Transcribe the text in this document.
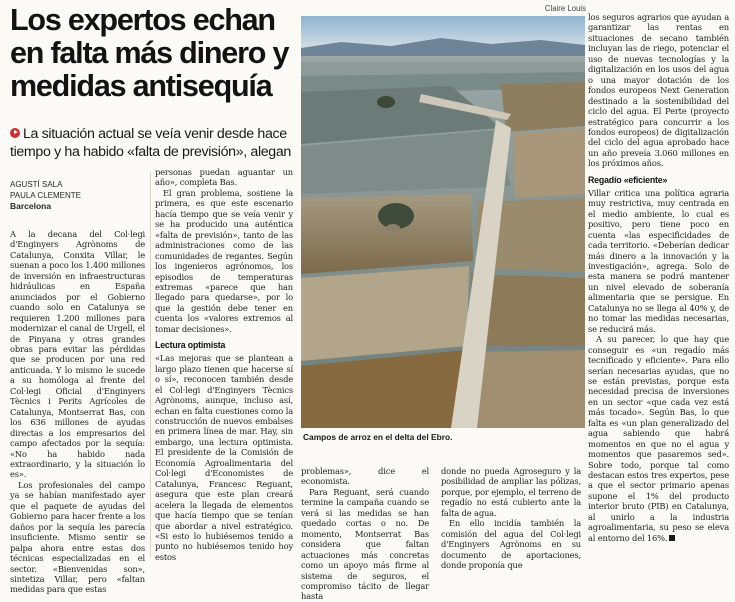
Los expertos echan en falta más dinero y medidas antisequía

La situación actual se veía venir desde hace tiempo y ha habido «falta de previsión», alegan

AGUSTÍ SALA
PAULA CLEMENTE
Barcelona

A la decana del Col·legi d'Enginyers Agrònoms de Catalunya, Conxita Villar, le suenan a poco los 1.400 millones de inversión en infraestructuras hidráulicas en España anunciados por el Gobierno cuando solo en Catalunya se requieren 1.200 millones para modernizar el canal de Urgell, el de Pinyana y otras grandes obras para evitar las pérdidas que se producen por una red anticuada. Y lo mismo le sucede a su homóloga al frente del Col·legi Oficial d'Enginyers Tècnics i Perits Agrícoles de Catalunya, Montserrat Bas, con los 636 millones de ayudas directas a los empresarios del campo afectados por la sequía: «No ha habido nada extraordinario, y la situación lo es».

Los profesionales del campo ya se habían manifestado ayer que el paquete de ayudas del Gobierno para hacer frente a los daños por la sequía les parecía insuficiente. Mismo sentir se palpa ahora entre estas dos técnicas especializadas en el sector. «Bienvenidas son», sintetiza Villar, pero «faltan medidas para que estas

personas puedan aguantar un año», completa Bas.

El gran problema, sostiene la primera, es que este escenario hacía tiempo que se veía venir y se ha producido una auténtica «falta de previsión», tanto de las administraciones como de las comunidades de regantes. Según los ingenieros agrónomos, los episodios de temperaturas extremas «parece que han llegado para quedarse», por lo que la gestión debe tener en cuenta los «valores extremos al tomar decisiones».

Lectura optimista

«Las mejoras que se plantean a largo plazo tienen que hacerse sí o sí», reconocen también desde el Col·legi d'Enginyers Tècnics Agrònoms, aunque, incluso así, echan en falta cuestiones como la construcción de nuevos embalses en primera línea de mar. Hay, sin embargo, una lectura optimista. El presidente de la Comisión de Economía Agroalimentaria del Col·legi d'Economistes de Catalunya, Francesc Reguant, asegura que este plan creará acelera la llegada de elementos que hacía tiempo que se tenían que abordar a nivel estratégico. «Si esto lo hubiésemos tenido a punto no hubiésemos tenido hoy estos

Claire Louis
Campos de arroz en el delta del Ebro.

problemas», dice el economista.

Para Reguant, será cuando termine la campaña cuando se verá si las medidas se han quedado cortas o no. De momento, Montserrat Bas considera que faltan actuaciones más concretas como un apoyo más firme al sistema de seguros, el compromiso tácito de llegar hasta

donde no pueda Agroseguro y la posibilidad de ampliar las pólizas, porque, por ejemplo, el terreno de regadío no está cubierto ante la falta de agua.

En ello incidía también la comisión del agua del Col·legi d'Enginyers Agrònoms en su documento de aportaciones, donde proponía que

los seguros agrarios que ayudan a garantizar las rentas en situaciones de secano también incluyan las de riego, potenciar el uso de nuevas tecnologías y la digitalización en los usos del agua o una mayor dotación de los fondos europeos Next Generation destinado a la sostenibilidad del ciclo del agua. El Perte (proyecto estratégico para concurrir a los fondos europeos) de digitalización del ciclo del agua aprobado hace un año preveía 3.060 millones en los próximos años.

Regadío «eficiente»

Villar critica una política agraria muy restrictiva, muy centrada en el medio ambiente, lo cual es positivo, pero tiene poco en cuenta «las especificidades de cada territorio. «Deberían dedicar más dinero a la innovación y la investigación», agrega. Solo de esta manera se podrá mantener un nivel elevado de soberanía alimentaria que se persigue. En Catalunya no se llega al 40% y, de no tomar las medidas necesarias, se reducirá más.

A su parecer, lo que hay que conseguir es «un regadío más tecnificado y eficiente». Para ello serían necesarias ayudas, que no se están previstas, porque esta necesidad precisa de inversiones en un sector «que cada vez está más tocado». Según Bas, lo que falta es «un plan generalizado del agua sabiendo que habrá momentos en que no el agua y momentos que pasaremos sed». Sobre todo, porque tal como destacan estos tres expertos, pese a que el sector primario apenas supone el 1% del producto interior bruto (PIB) en Catalunya, al unirlo a la industria agroalimentaria, su peso se eleva al entorno del 16%.
